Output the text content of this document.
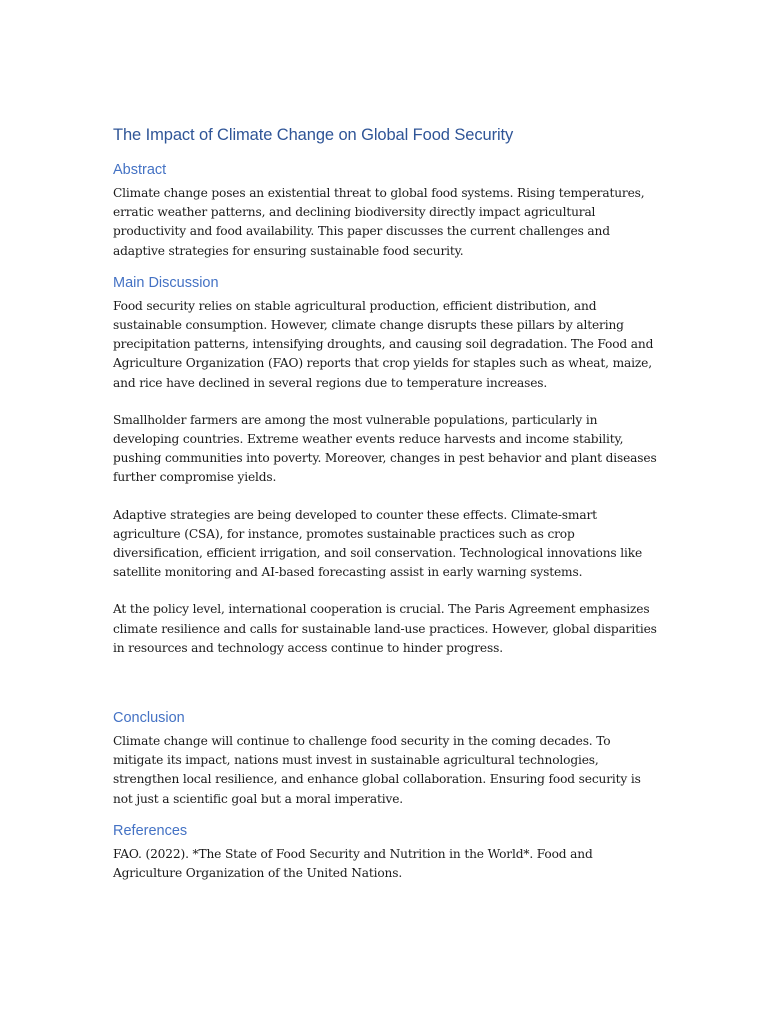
The Impact of Climate Change on Global Food Security
Abstract

Climate change poses an existential threat to global food systems. Rising temperatures, erratic weather patterns, and declining biodiversity directly impact agricultural productivity and food availability. This paper discusses the current challenges and adaptive strategies for ensuring sustainable food security.

Main Discussion

Food security relies on stable agricultural production, efficient distribution, and sustainable consumption. However, climate change disrupts these pillars by altering precipitation patterns, intensifying droughts, and causing soil degradation. The Food and Agriculture Organization (FAO) reports that crop yields for staples such as wheat, maize, and rice have declined in several regions due to temperature increases.

Smallholder farmers are among the most vulnerable populations, particularly in developing countries. Extreme weather events reduce harvests and income stability, pushing communities into poverty. Moreover, changes in pest behavior and plant diseases further compromise yields.

Adaptive strategies are being developed to counter these effects. Climate-smart agriculture (CSA), for instance, promotes sustainable practices such as crop diversification, efficient irrigation, and soil conservation. Technological innovations like satellite monitoring and AI-based forecasting assist in early warning systems.

At the policy level, international cooperation is crucial. The Paris Agreement emphasizes climate resilience and calls for sustainable land-use practices. However, global disparities in resources and technology access continue to hinder progress.

Conclusion

Climate change will continue to challenge food security in the coming decades. To mitigate its impact, nations must invest in sustainable agricultural technologies, strengthen local resilience, and enhance global collaboration. Ensuring food security is not just a scientific goal but a moral imperative.

References

FAO. (2022). *The State of Food Security and Nutrition in the World*. Food and Agriculture Organization of the United Nations.
